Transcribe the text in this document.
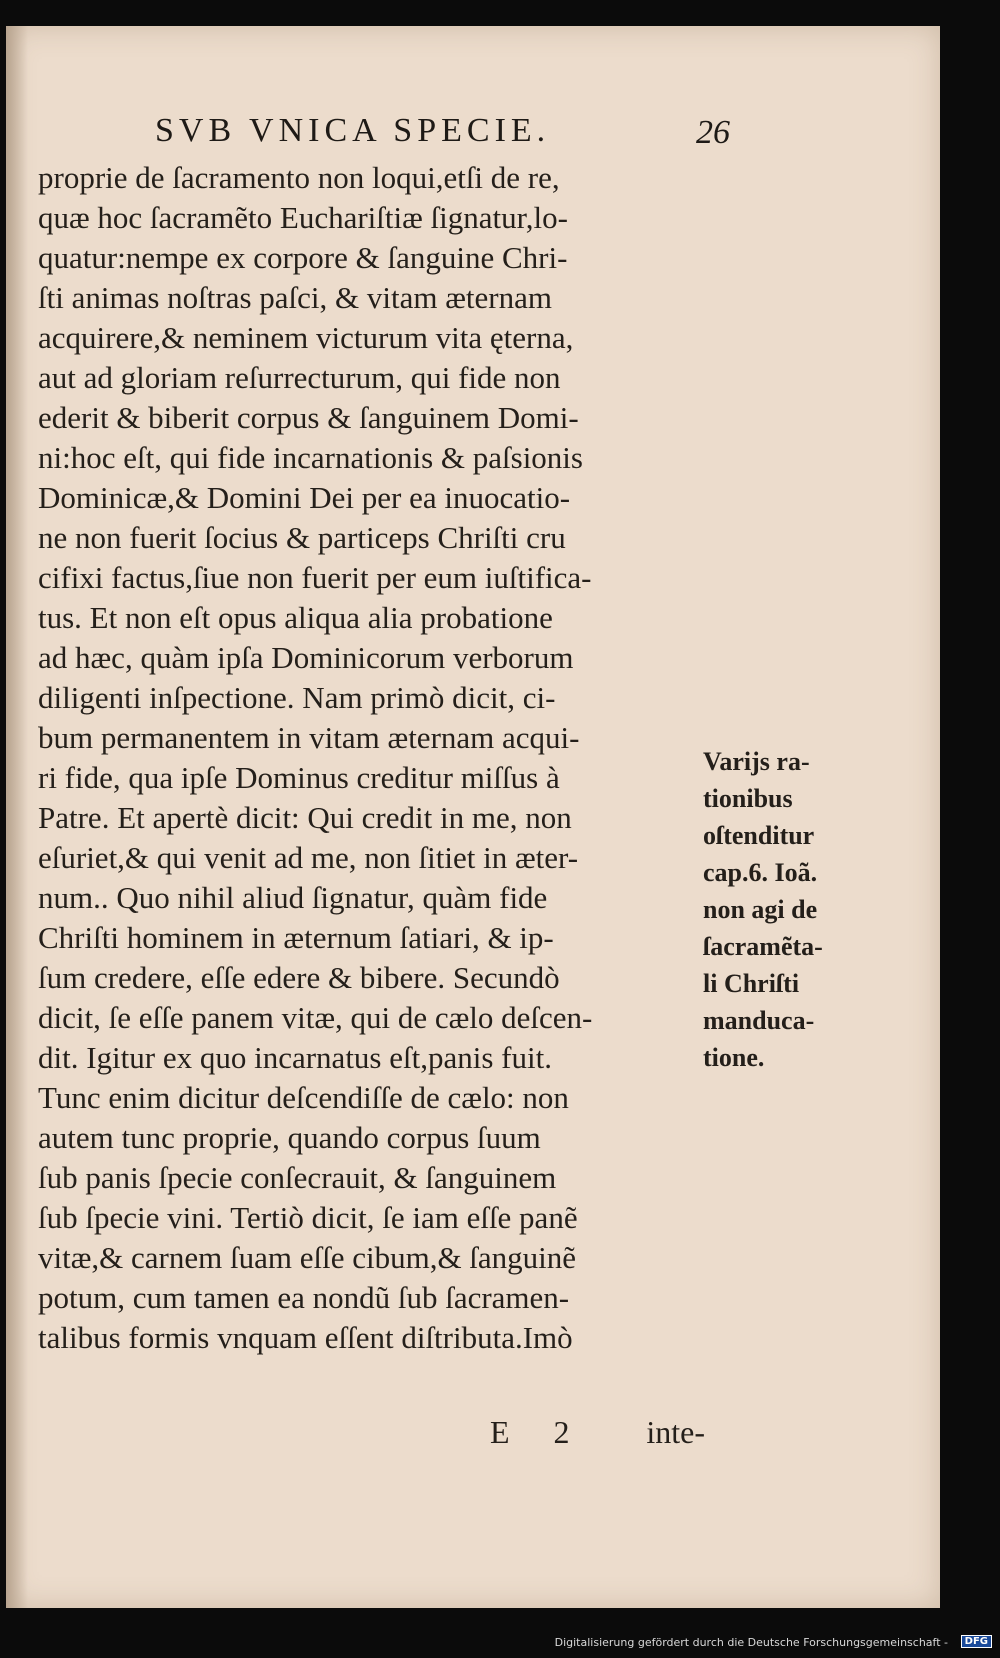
SVB VNICA SPECIE.	26
proprie de ſacramento non loqui,etſi de re,
quæ hoc ſacramẽto Euchariſtiæ ſignatur,lo-
quatur:nempe ex corpore & ſanguine Chri-
ſti animas noſtras paſci, & vitam æternam
acquirere,& neminem victurum vita ęterna,
aut ad gloriam reſurrecturum, qui fide non
ederit & biberit corpus & ſanguinem Domi-
ni:hoc eſt, qui fide incarnationis & paſsionis
Dominicæ,& Domini Dei per ea inuocatio-
ne non fuerit ſocius & particeps Chriſti cru
cifixi factus,ſiue non fuerit per eum iuſtifica-
tus. Et non eſt opus aliqua alia probatione
ad hæc, quàm ipſa Dominicorum verborum
diligenti inſpectione. Nam primò dicit, ci-
bum permanentem in vitam æternam acqui-
ri fide, qua ipſe Dominus creditur miſſus à
Patre. Et apertè dicit: Qui credit in me, non
eſuriet,& qui venit ad me, non ſitiet in æter-
num.. Quo nihil aliud ſignatur, quàm fide
Chriſti hominem in æternum ſatiari, & ip-
ſum credere, eſſe edere & bibere. Secundò
dicit, ſe eſſe panem vitæ, qui de cælo deſcen-
dit. Igitur ex quo incarnatus eſt,panis fuit.
Tunc enim dicitur deſcendiſſe de cælo: non
autem tunc proprie, quando corpus ſuum
ſub panis ſpecie conſecrauit, & ſanguinem
ſub ſpecie vini. Tertiò dicit, ſe iam eſſe panẽ
vitæ,& carnem ſuam eſſe cibum,& ſanguinẽ
potum, cum tamen ea nondũ ſub ſacramen-
talibus formis vnquam eſſent diſtributa.Imò
Varijs ra-
tionibus
oſtenditur
cap.6. Ioã.
non agi de
ſacramẽta-
li Chriſti
manduca-
tione.
E 2 inte-
Digitalisierung gefördert durch die Deutsche Forschungsgemeinschaft -	DFG
